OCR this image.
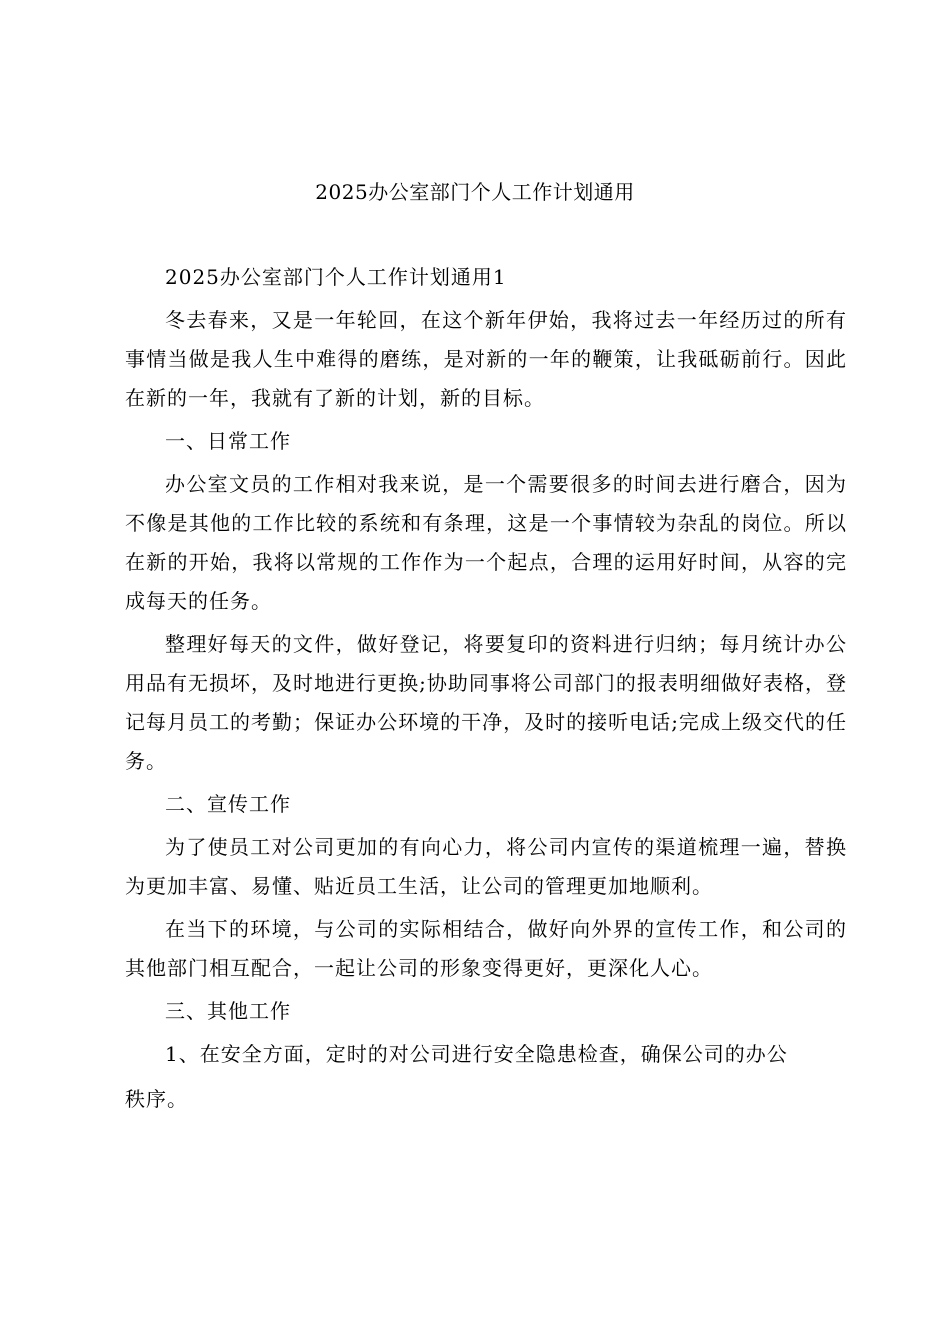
2025办公室部门个人工作计划通用

2025办公室部门个人工作计划通用1

冬去春来，又是一年轮回，在这个新年伊始，我将过去一年经历过的所有事情当做是我人生中难得的磨练，是对新的一年的鞭策，让我砥砺前行。因此在新的一年，我就有了新的计划，新的目标。

一、日常工作

办公室文员的工作相对我来说，是一个需要很多的时间去进行磨合，因为不像是其他的工作比较的系统和有条理，这是一个事情较为杂乱的岗位。所以在新的开始，我将以常规的工作作为一个起点，合理的运用好时间，从容的完成每天的任务。

整理好每天的文件，做好登记，将要复印的资料进行归纳；每月统计办公用品有无损坏，及时地进行更换;协助同事将公司部门的报表明细做好表格，登记每月员工的考勤；保证办公环境的干净，及时的接听电话;完成上级交代的任务。

二、宣传工作

为了使员工对公司更加的有向心力，将公司内宣传的渠道梳理一遍，替换为更加丰富、易懂、贴近员工生活，让公司的管理更加地顺利。

在当下的环境，与公司的实际相结合，做好向外界的宣传工作，和公司的其他部门相互配合，一起让公司的形象变得更好，更深化人心。

三、其他工作

1、在安全方面，定时的对公司进行安全隐患检查，确保公司的办公

秩序。
